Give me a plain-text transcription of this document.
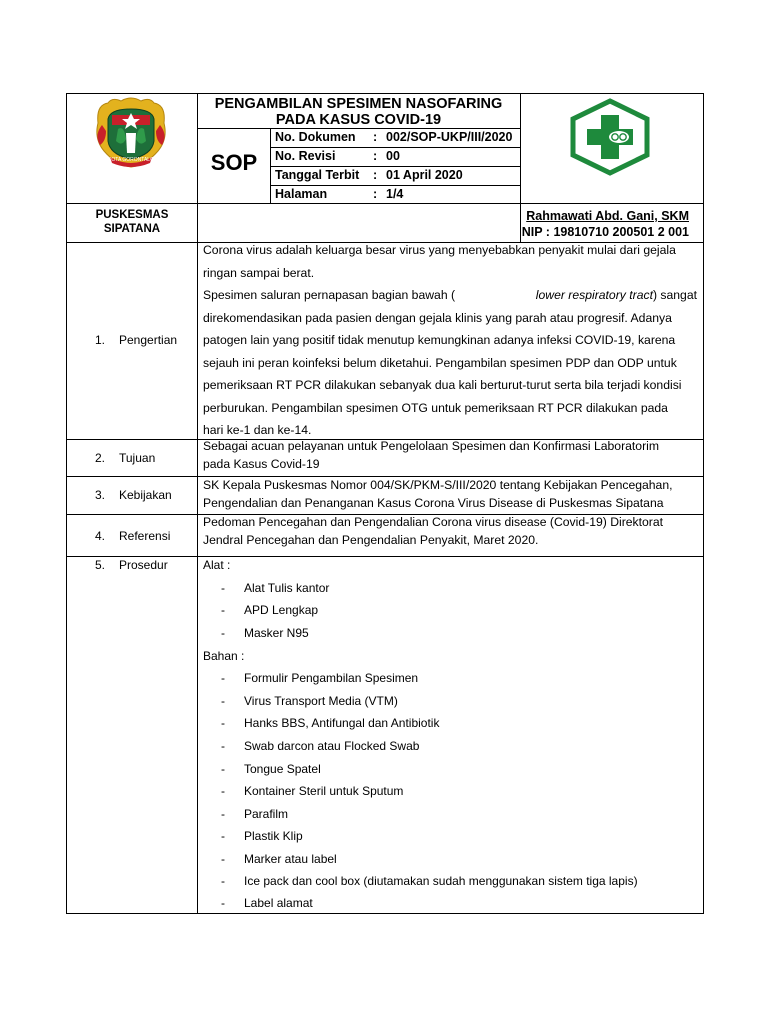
KOTA GORONTALO
PENGAMBILAN SPESIMEN NASOFARING
PADA KASUS COVID-19
SOP
No. Dokumen : 002/SOP-UKP/III/2020
No. Revisi	: 00
Tanggal Terbit : 01 April 2020
Halaman	: 1/4
PUSKESMAS
SIPATANA
Rahmawati Abd. Gani, SKM
NIP : 19810710 200501 2 001
1. Pengertian
Corona virus adalah keluarga besar virus yang menyebabkan penyakit mulai dari gejala
ringan sampai berat.
Spesimen saluran pernapasan bagian bawah (	lower respiratory tract) sangat
direkomendasikan pada pasien dengan gejala klinis yang parah atau progresif. Adanya
patogen lain yang positif tidak menutup kemungkinan adanya infeksi COVID-19, karena
sejauh ini peran koinfeksi belum diketahui. Pengambilan spesimen PDP dan ODP untuk
pemeriksaan RT PCR dilakukan sebanyak dua kali berturut-turut serta bila terjadi kondisi
perburukan. Pengambilan spesimen OTG untuk pemeriksaan RT PCR dilakukan pada
hari ke-1 dan ke-14.
2. Tujuan
Sebagai acuan pelayanan untuk Pengelolaan Spesimen dan Konfirmasi Laboratorim
pada Kasus Covid-19
3. Kebijakan
SK Kepala Puskesmas Nomor 004/SK/PKM-S/III/2020 tentang Kebijakan Pencegahan,
Pengendalian dan Penanganan Kasus Corona Virus Disease di Puskesmas Sipatana
4. Referensi
Pedoman Pencegahan dan Pengendalian Corona virus disease (Covid-19) Direktorat
Jendral Pencegahan dan Pengendalian Penyakit, Maret 2020.
5. Prosedur	Alat :
- Alat Tulis kantor
- APD Lengkap
- Masker N95
Bahan :
- Formulir Pengambilan Spesimen
- Virus Transport Media (VTM)
- Hanks BBS, Antifungal dan Antibiotik
- Swab darcon atau Flocked Swab
- Tongue Spatel
- Kontainer Steril untuk Sputum
- Parafilm
- Plastik Klip
- Marker atau label
- Ice pack dan cool box (diutamakan sudah menggunakan sistem tiga lapis)
- Label alamat
